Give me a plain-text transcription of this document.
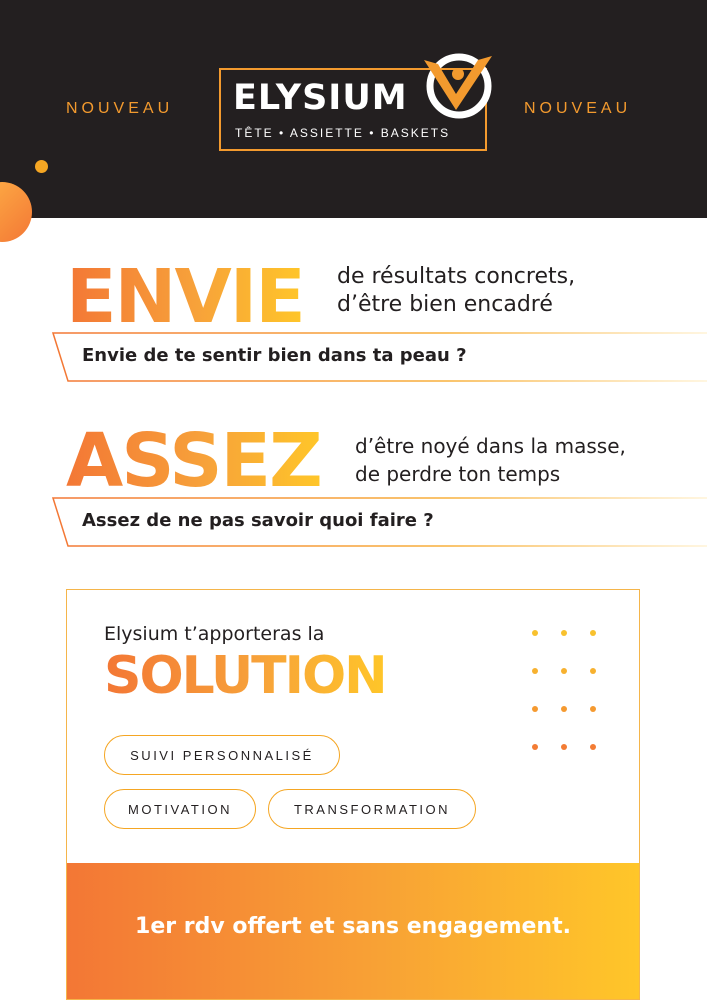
NOUVEAU	NOUVEAU
ELYSIUM
TÊTE • ASSIETTE • BASKETS
ENVIE de résultats concrets,
d’être bien encadré
Envie de te sentir bien dans ta peau ?
ASSEZ d’être noyé dans la masse,
de perdre ton temps
Assez de ne pas savoir quoi faire ?
Elysium t’apporteras la
SOLUTION
SUIVI PERSONNALISÉ
MOTIVATION	TRANSFORMATION
1er rdv offert et sans engagement.
